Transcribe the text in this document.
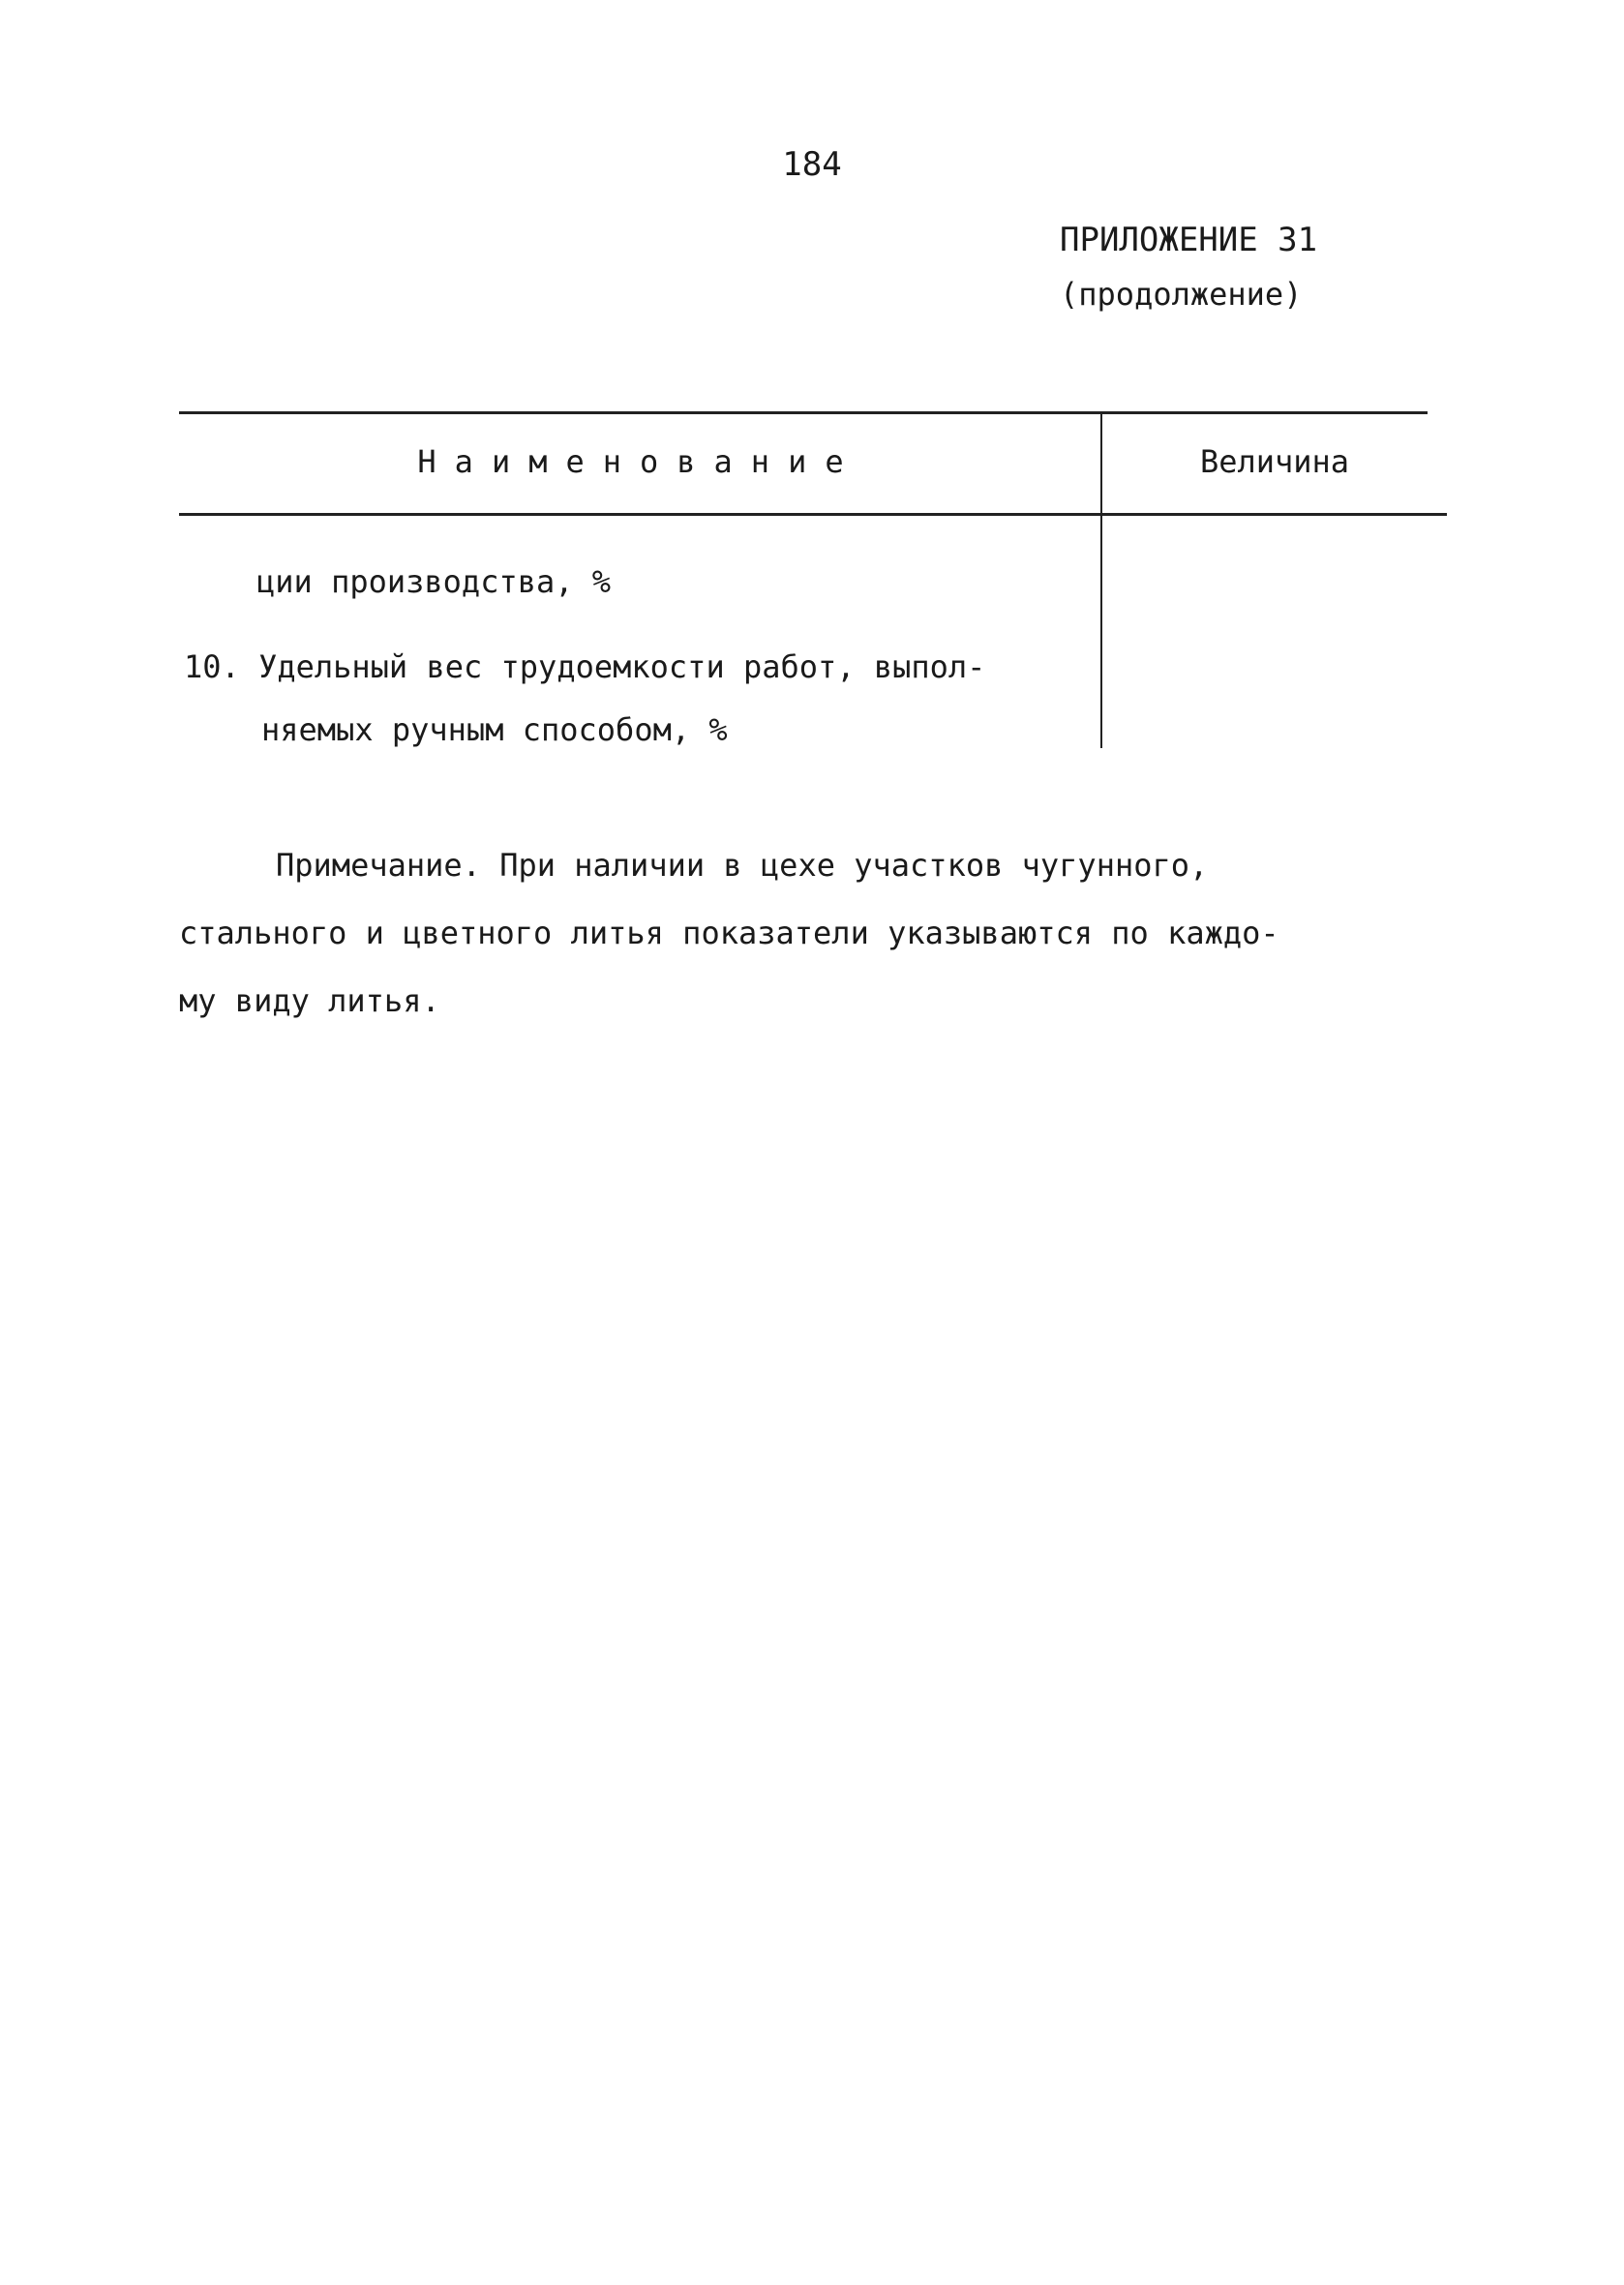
184
ПРИЛОЖЕНИЕ 31
(продолжение)
Наименование	Величина
ции производства, %
10. Удельный вес трудоемкости работ, выпол-
няемых ручным способом, %
Примечание. При наличии в цехе участков чугунного,
стального и цветного литья показатели указываются по каждо-
му виду литья.
